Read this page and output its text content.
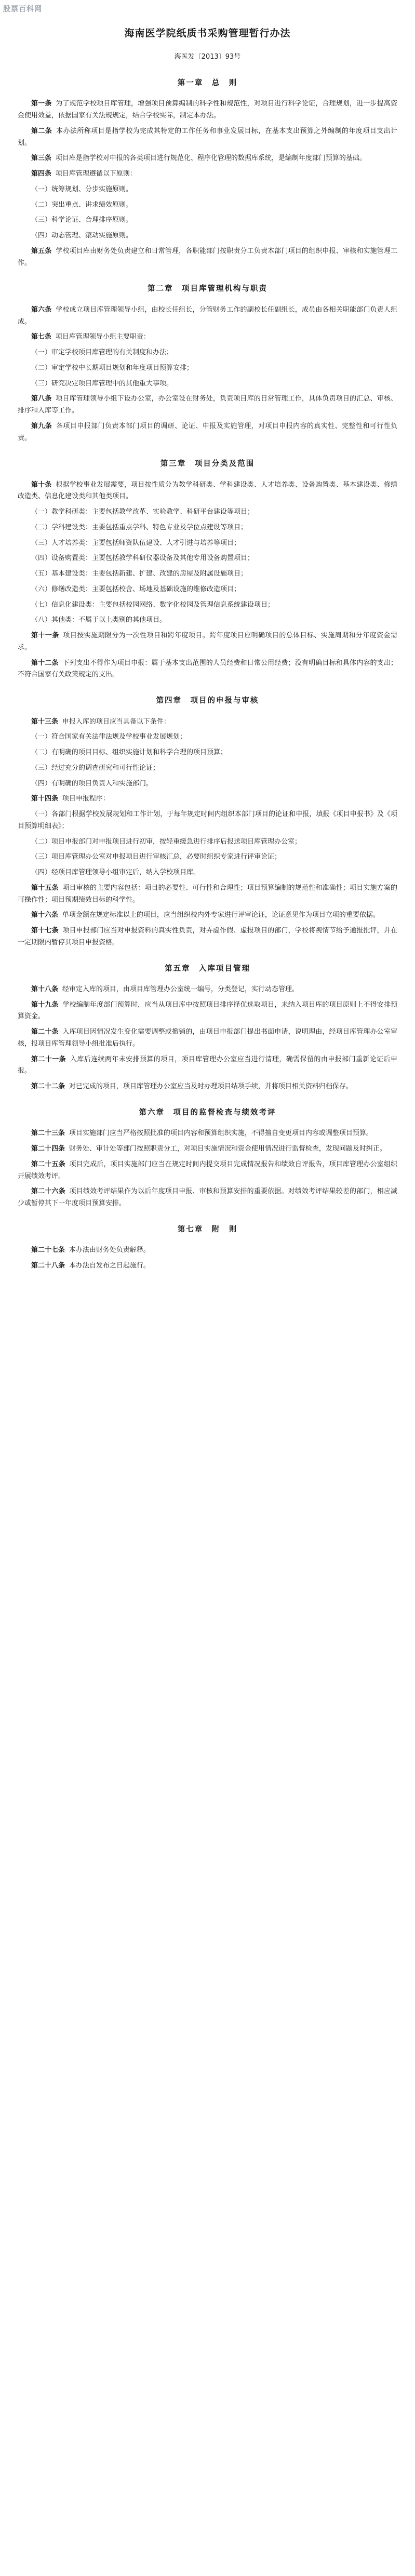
股票百科网
海南医学院纸质书采购管理暂行办法
海医发〔2013〕93号
第一章　总　则

第一条 为了规范学校项目库管理，增强项目预算编制的科学性和规范性，对项目进行科学论证，合理规划，进一步提高资金使用效益，依据国家有关法规规定，结合学校实际，制定本办法。

第二条 本办法所称项目是指学校为完成其特定的工作任务和事业发展目标，在基本支出预算之外编制的年度项目支出计划。

第三条 项目库是指学校对申报的各类项目进行规范化、程序化管理的数据库系统，是编制年度部门预算的基础。

第四条 项目库管理遵循以下原则：

（一）统筹规划、分步实施原则。

（二）突出重点、讲求绩效原则。

（三）科学论证、合理排序原则。

（四）动态管理、滚动实施原则。

第五条 学校项目库由财务处负责建立和日常管理，各职能部门按职责分工负责本部门项目的组织申报、审核和实施管理工作。

第二章　项目库管理机构与职责

第六条 学校成立项目库管理领导小组，由校长任组长，分管财务工作的副校长任副组长，成员由各相关职能部门负责人组成。

第七条 项目库管理领导小组主要职责：

（一）审定学校项目库管理的有关制度和办法；

（二）审定学校中长期项目规划和年度项目预算安排；

（三）研究决定项目库管理中的其他重大事项。

第八条 项目库管理领导小组下设办公室，办公室设在财务处，负责项目库的日常管理工作，具体负责项目的汇总、审核、排序和入库等工作。

第九条 各项目申报部门负责本部门项目的调研、论证、申报及实施管理，对项目申报内容的真实性、完整性和可行性负责。

第三章　项目分类及范围

第十条 根据学校事业发展需要，项目按性质分为教学科研类、学科建设类、人才培养类、设备购置类、基本建设类、修缮改造类、信息化建设类和其他类项目。

（一）教学科研类：主要包括教学改革、实验教学、科研平台建设等项目；

（二）学科建设类：主要包括重点学科、特色专业及学位点建设等项目；

（三）人才培养类：主要包括师资队伍建设、人才引进与培养等项目；

（四）设备购置类：主要包括教学科研仪器设备及其他专用设备购置项目；

（五）基本建设类：主要包括新建、扩建、改建的房屋及附属设施项目；

（六）修缮改造类：主要包括校舍、场地及基础设施的维修改造项目；

（七）信息化建设类：主要包括校园网络、数字化校园及管理信息系统建设项目；

（八）其他类：不属于以上类别的其他项目。

第十一条 项目按实施期限分为一次性项目和跨年度项目。跨年度项目应明确项目的总体目标、实施周期和分年度资金需求。

第十二条 下列支出不得作为项目申报：属于基本支出范围的人员经费和日常公用经费；没有明确目标和具体内容的支出；不符合国家有关政策规定的支出。

第四章　项目的申报与审核

第十三条 申报入库的项目应当具备以下条件：

（一）符合国家有关法律法规及学校事业发展规划；

（二）有明确的项目目标、组织实施计划和科学合理的项目预算；

（三）经过充分的调查研究和可行性论证；

（四）有明确的项目负责人和实施部门。

第十四条 项目申报程序：

（一）各部门根据学校发展规划和工作计划，于每年规定时间内组织本部门项目的论证和申报，填报《项目申报书》及《项目预算明细表》；

（二）项目申报部门对申报项目进行初审，按轻重缓急进行排序后报送项目库管理办公室；

（三）项目库管理办公室对申报项目进行审核汇总，必要时组织专家进行评审论证；

（四）经项目库管理领导小组审定后，纳入学校项目库。

第十五条 项目审核的主要内容包括：项目的必要性、可行性和合理性；项目预算编制的规范性和准确性；项目实施方案的可操作性；项目预期绩效目标的科学性。

第十六条 单项金额在规定标准以上的项目，应当组织校内外专家进行评审论证，论证意见作为项目立项的重要依据。

第十七条 项目申报部门应当对申报资料的真实性负责，对弄虚作假、虚报项目的部门，学校将视情节给予通报批评，并在一定期限内暂停其项目申报资格。

第五章　入库项目管理

第十八条 经审定入库的项目，由项目库管理办公室统一编号，分类登记，实行动态管理。

第十九条 学校编制年度部门预算时，应当从项目库中按照项目排序择优选取项目，未纳入项目库的项目原则上不得安排预算资金。

第二十条 入库项目因情况发生变化需要调整或撤销的，由项目申报部门提出书面申请，说明理由，经项目库管理办公室审核，报项目库管理领导小组批准后执行。

第二十一条 入库后连续两年未安排预算的项目，项目库管理办公室应当进行清理，确需保留的由申报部门重新论证后申报。

第二十二条 对已完成的项目，项目库管理办公室应当及时办理项目结项手续，并将项目相关资料归档保存。

第六章　项目的监督检查与绩效考评

第二十三条 项目实施部门应当严格按照批准的项目内容和预算组织实施，不得擅自变更项目内容或调整项目预算。

第二十四条 财务处、审计处等部门按照职责分工，对项目实施情况和资金使用情况进行监督检查，发现问题及时纠正。

第二十五条 项目完成后，项目实施部门应当在规定时间内提交项目完成情况报告和绩效自评报告，项目库管理办公室组织开展绩效考评。

第二十六条 项目绩效考评结果作为以后年度项目申报、审核和预算安排的重要依据。对绩效考评结果较差的部门，相应减少或暂停其下一年度项目预算安排。

第七章　附　则

第二十七条 本办法由财务处负责解释。

第二十八条 本办法自发布之日起施行。
